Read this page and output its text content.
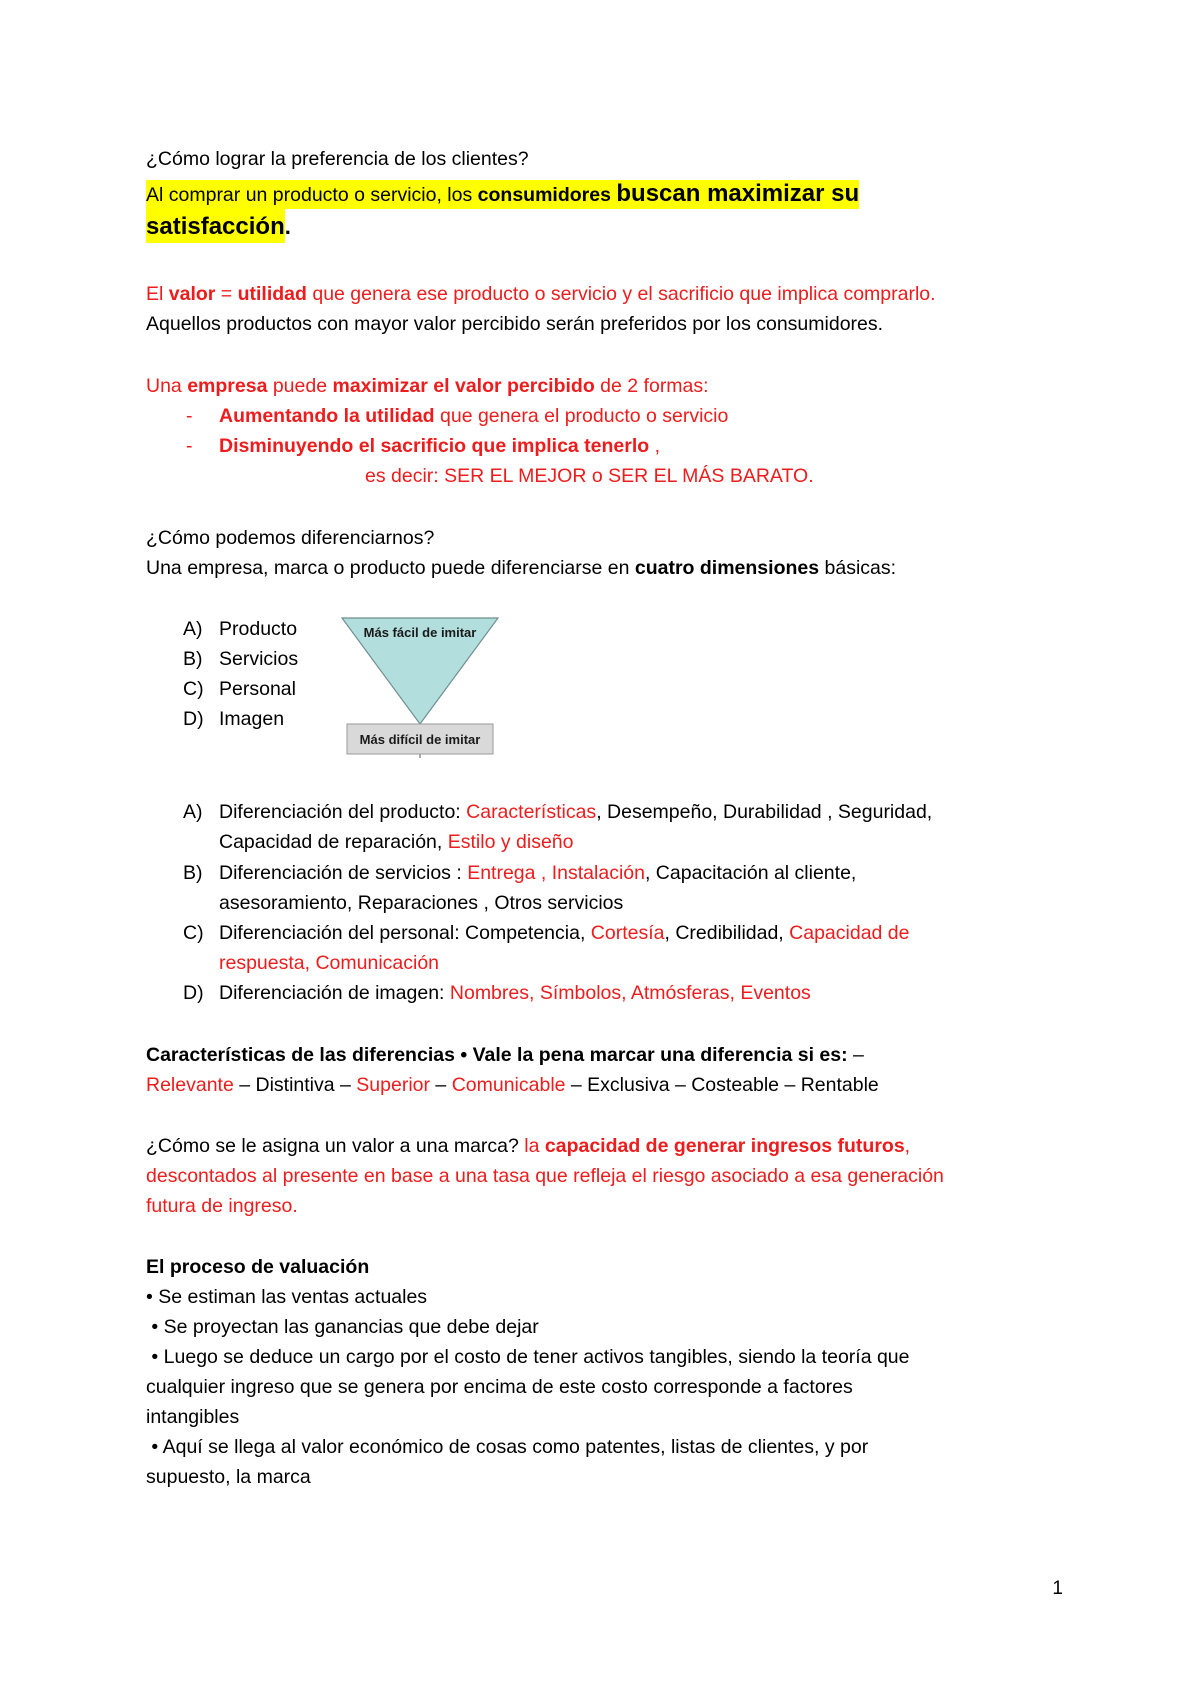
¿Cómo lograr la preferencia de los clientes?
Al comprar un producto o servicio, los consumidores buscan maximizar su
satisfacción.
El valor = utilidad que genera ese producto o servicio y el sacrificio que implica comprarlo.
Aquellos productos con mayor valor percibido serán preferidos por los consumidores.
Una empresa puede maximizar el valor percibido de 2 formas:
- Aumentando la utilidad que genera el producto o servicio
- Disminuyendo el sacrificio que implica tenerlo ,
es decir: SER EL MEJOR o SER EL MÁS BARATO.
¿Cómo podemos diferenciarnos?
Una empresa, marca o producto puede diferenciarse en cuatro dimensiones básicas:
A) Producto
B) Servicios
C) Personal
D) Imagen
Más fácil de imitar
Más difícil de imitar
A) Diferenciación del producto: Características, Desempeño, Durabilidad , Seguridad,
Capacidad de reparación, Estilo y diseño
B) Diferenciación de servicios : Entrega , Instalación, Capacitación al cliente,
asesoramiento, Reparaciones , Otros servicios
C) Diferenciación del personal: Competencia, Cortesía, Credibilidad, Capacidad de
respuesta, Comunicación
D) Diferenciación de imagen: Nombres, Símbolos, Atmósferas, Eventos
Características de las diferencias • Vale la pena marcar una diferencia si es: –
Relevante – Distintiva – Superior – Comunicable – Exclusiva – Costeable – Rentable
¿Cómo se le asigna un valor a una marca? la capacidad de generar ingresos futuros,
descontados al presente en base a una tasa que refleja el riesgo asociado a esa generación
futura de ingreso.
El proceso de valuación
• Se estiman las ventas actuales
• Se proyectan las ganancias que debe dejar
• Luego se deduce un cargo por el costo de tener activos tangibles, siendo la teoría que
cualquier ingreso que se genera por encima de este costo corresponde a factores
intangibles
• Aquí se llega al valor económico de cosas como patentes, listas de clientes, y por
supuesto, la marca
1
